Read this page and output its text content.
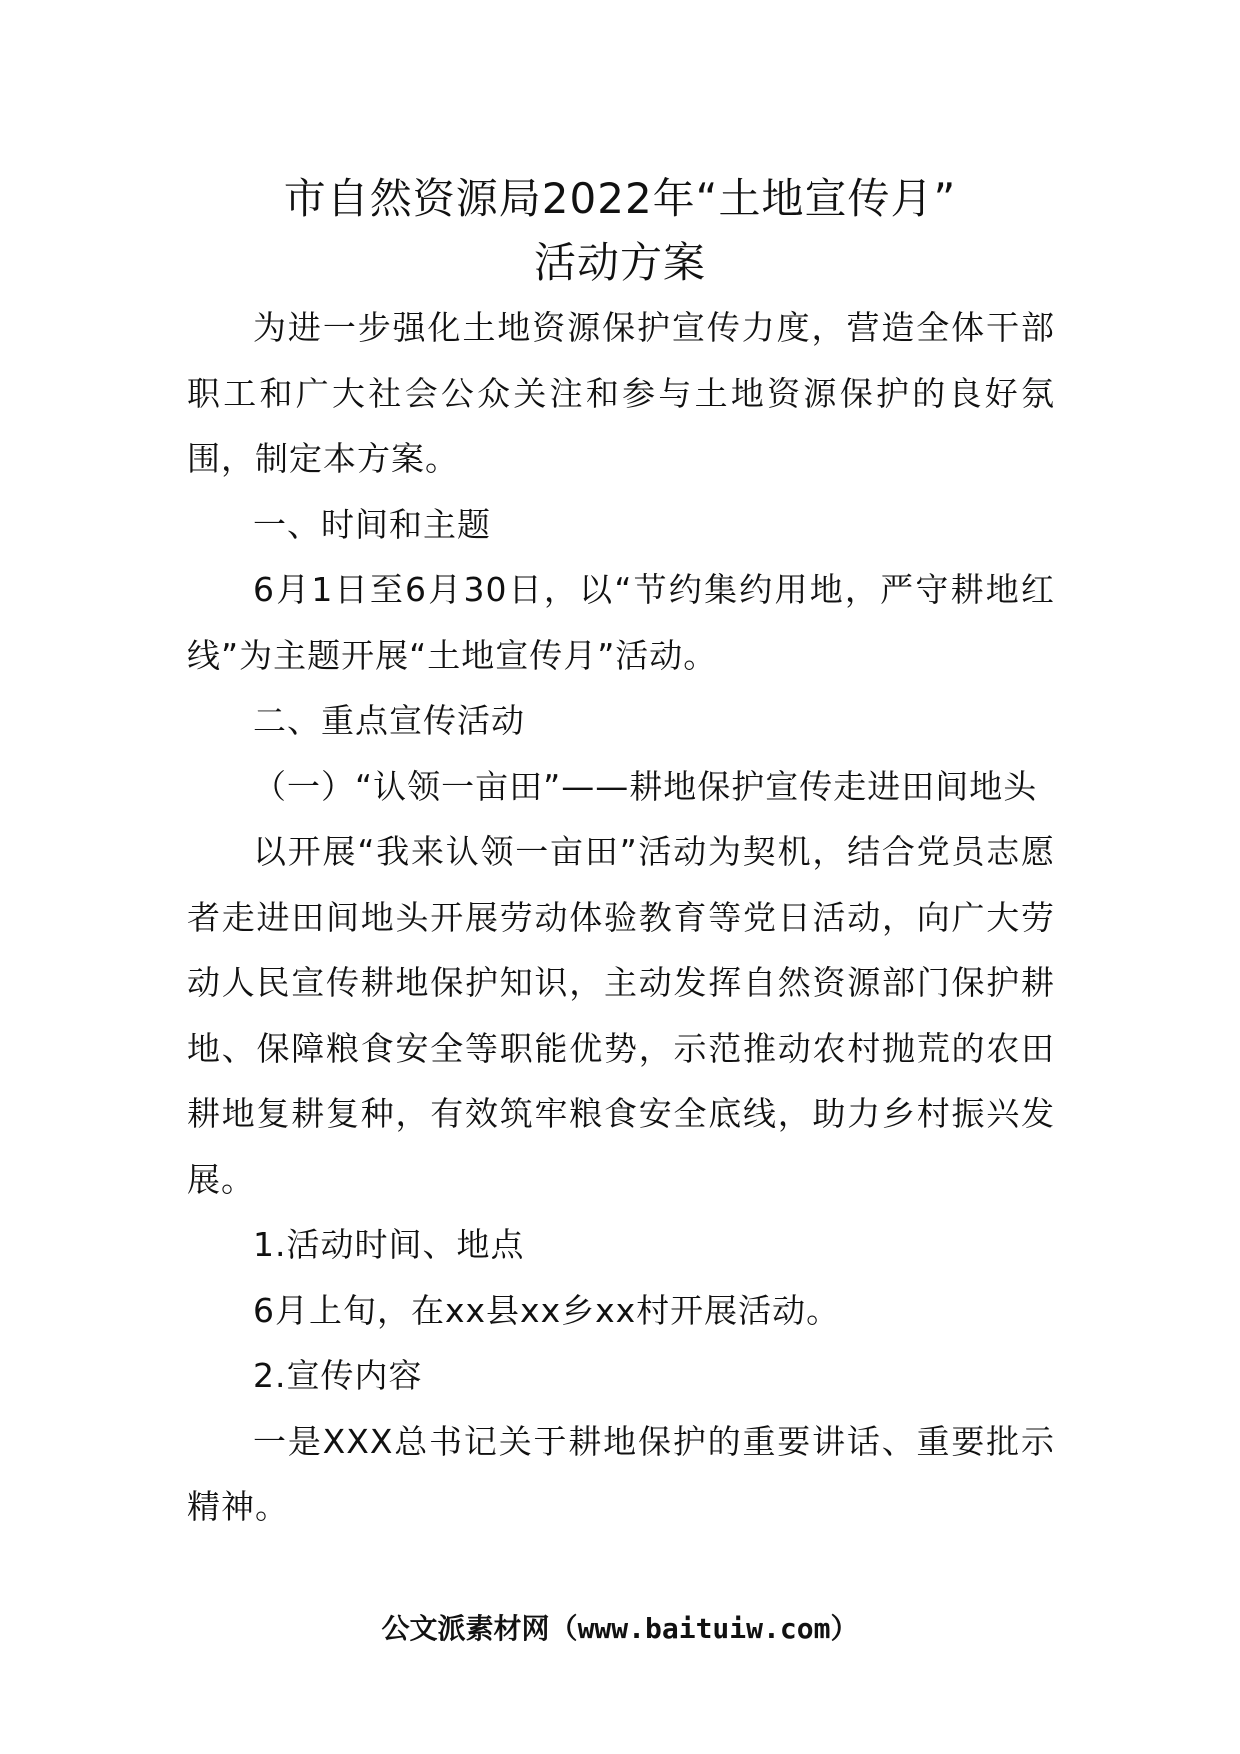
市自然资源局2022年“土地宣传月”
活动方案

为进一步强化土地资源保护宣传力度，营造全体干部职工和广大社会公众关注和参与土地资源保护的良好氛围，制定本方案。

一、时间和主题

6月1日至6月30日，以“节约集约用地，严守耕地红线”为主题开展“土地宣传月”活动。

二、重点宣传活动

（一）“认领一亩田”——耕地保护宣传走进田间地头

以开展“我来认领一亩田”活动为契机，结合党员志愿者走进田间地头开展劳动体验教育等党日活动，向广大劳动人民宣传耕地保护知识，主动发挥自然资源部门保护耕地、保障粮食安全等职能优势，示范推动农村抛荒的农田耕地复耕复种，有效筑牢粮食安全底线，助力乡村振兴发展。

1.活动时间、地点

6月上旬，在xx县xx乡xx村开展活动。

2.宣传内容

一是XXX总书记关于耕地保护的重要讲话、重要批示精神。

公文派素材网（www.baituiw.com）
